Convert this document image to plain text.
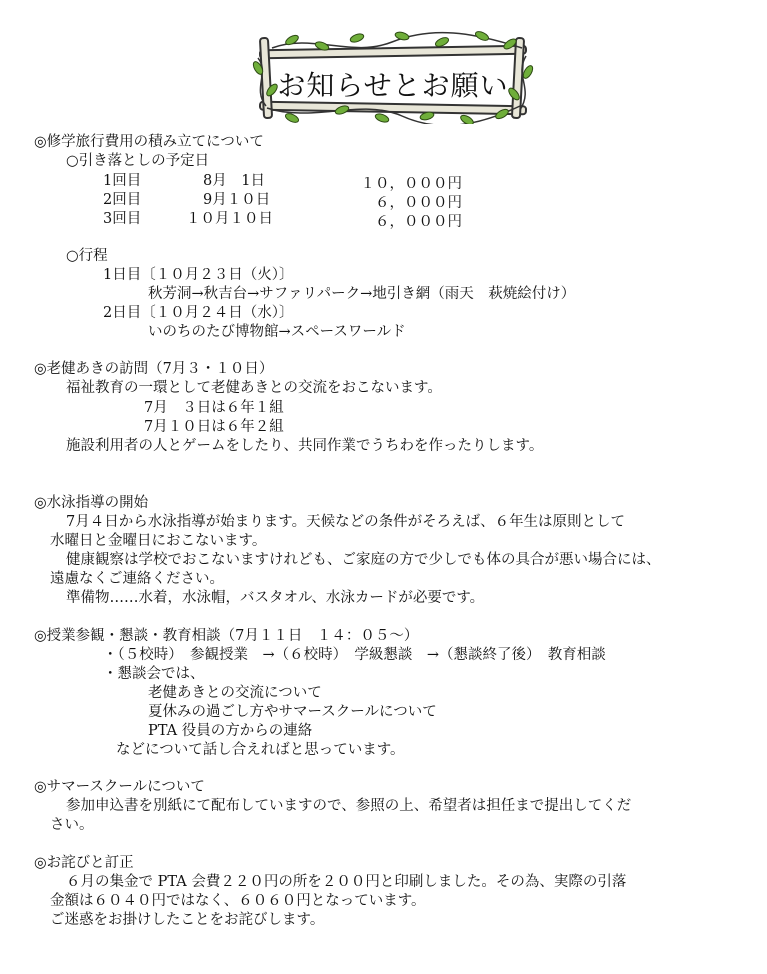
お知らせとお願い
◎修学旅行費用の積み立てについて
○引き落としの予定日
1回目	8月　1日	１０，０００円
2回目	9月１０日	６，０００円
3回目	１０月１０日	６，０００円
○行程
1日目〔１０月２３日（火）〕
秋芳洞→秋吉台→サファリパーク→地引き網（雨天　萩焼絵付け）
2日目〔１０月２４日（水）〕
いのちのたび博物館→スペースワールド
◎老健あきの訪問（7月３・１０日）
福祉教育の一環として老健あきとの交流をおこないます。
7月　３日は６年１組
7月１０日は６年２組
施設利用者の人とゲームをしたり、共同作業でうちわを作ったりします。
◎水泳指導の開始
7月４日から水泳指導が始まります。天候などの条件がそろえば、６年生は原則として
水曜日と金曜日におこないます。
健康観察は学校でおこないますけれども、ご家庭の方で少しでも体の具合が悪い場合には、
遠慮なくご連絡ください。
準備物……水着，水泳帽，バスタオル、水泳カードが必要です。
◎授業参観・懇談・教育相談（7月１１日　１４：０５～）
・（５校時）　参観授業　→（６校時）　学級懇談　→（懇談終了後）　教育相談
・懇談会では、
老健あきとの交流について
夏休みの過ごし方やサマースクールについて
PTA 役員の方からの連絡
などについて話し合えればと思っています。
◎サマースクールについて
参加申込書を別紙にて配布していますので、参照の上、希望者は担任まで提出してくだ
さい。
◎お詫びと訂正
６月の集金で PTA 会費２２０円の所を２００円と印刷しました。その為、実際の引落
金額は６０４０円ではなく、６０６０円となっています。
ご迷惑をお掛けしたことをお詫びします。
